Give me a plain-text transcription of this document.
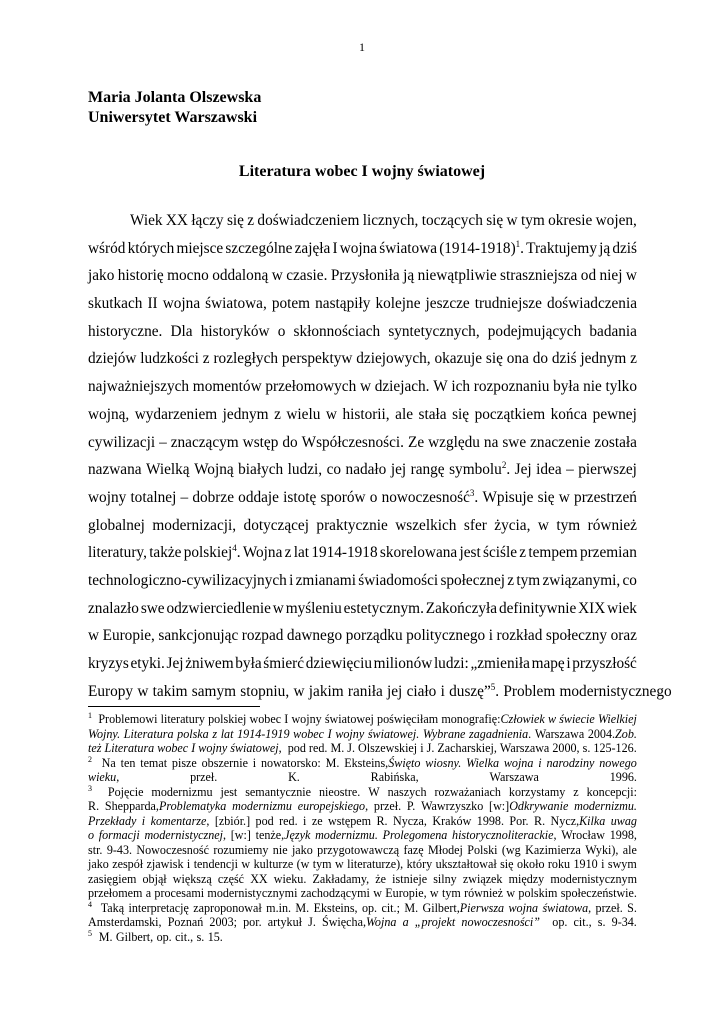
1
Maria Jolanta Olszewska
Uniwersytet Warszawski
Literatura wobec I wojny światowej
Wiek XX łączy się z doświadczeniem licznych, toczących się w tym okresie wojen,
wśród których miejsce szczególne zajęła I wojna światowa (1914-1918)$^1$. Traktujemy ją dziś
jako historię mocno oddaloną w czasie. Przysłoniła ją niewątpliwie straszniejsza od niej w
skutkach II wojna światowa, potem nastąpiły kolejne jeszcze trudniejsze doświadczenia
historyczne. Dla historyków o skłonnościach syntetycznych, podejmujących badania
dziejów ludzkości z rozległych perspektyw dziejowych, okazuje się ona do dziś jednym z
najważniejszych momentów przełomowych w dziejach. W ich rozpoznaniu była nie tylko
wojną, wydarzeniem jednym z wielu w historii, ale stała się początkiem końca pewnej
cywilizacji – znaczącym wstęp do Współczesności. Ze względu na swe znaczenie została
nazwana Wielką Wojną białych ludzi, co nadało jej rangę symbolu$^2$. Jej idea – pierwszej
wojny totalnej – dobrze oddaje istotę sporów o nowoczesność$^3$. Wpisuje się w przestrzeń
globalnej modernizacji, dotyczącej praktycznie wszelkich sfer życia, w tym również
literatury, także polskiej$^4$. Wojna z lat 1914-1918 skorelowana jest ściśle z tempem przemian
technologiczno-cywilizacyjnych i zmianami świadomości społecznej z tym związanymi, co
znalazło swe odzwierciedlenie w myśleniu estetycznym. Zakończyła definitywnie XIX wiek
w Europie, sankcjonując rozpad dawnego porządku politycznego i rozkład społeczny oraz
kryzys etyki. Jej żniwem była śmierć dziewięciu milionów ludzi: „zmieniła mapę i przyszłość
Europy w takim samym stopniu, w jakim raniła jej ciało i duszę”$^5$. Problem modernistycznego
$^1$ Problemowi literatury polskiej wobec I wojny światowej poświęciłam monografię:Człowiek w świecie Wielkiej
Wojny. Literatura polska z lat 1914-1919 wobec I wojny światowej. Wybrane zagadnienia. Warszawa 2004.Zob.
też Literatura wobec I wojny światowej, pod red. M. J. Olszewskiej i J. Zacharskiej, Warszawa 2000, s. 125-126.
$^2$ Na ten temat pisze obszernie i nowatorsko: M. Eksteins,Święto wiosny. Wielka wojna i narodziny nowego
wieku,	przeł.	K.	Rabińska,	Warszawa	1996.
$^3$ Pojęcie modernizmu jest semantycznie nieostre. W naszych rozważaniach korzystamy z koncepcji:
R. Shepparda,Problematyka modernizmu europejskiego, przeł. P. Wawrzyszko [w:]Odkrywanie modernizmu.
Przekłady i komentarze, [zbiór.] pod red. i ze wstępem R. Nycza, Kraków 1998. Por. R. Nycz,Kilka uwag
o formacji modernistycznej, [w:] tenże,Język modernizmu. Prolegomena historycznoliterackie, Wrocław 1998,
str. 9-43. Nowoczesność rozumiemy nie jako przygotowawczą fazę Młodej Polski (wg Kazimierza Wyki), ale
jako zespół zjawisk i tendencji w kulturze (w tym w literaturze), który ukształtował się około roku 1910 i swym
zasięgiem objął większą część XX wieku. Zakładamy, że istnieje silny związek między modernistycznym
przełomem a procesami modernistycznymi zachodzącymi w Europie, w tym również w polskim społeczeństwie.
$^4$ Taką interpretację zaproponował m.in. M. Eksteins, op. cit.; M. Gilbert,Pierwsza wojna światowa, przeł. S.
Amsterdamski, Poznań 2003; por. artykuł J. Święcha,Wojna a „projekt nowoczesności” op. cit., s. 9-34.
$^5$ M. Gilbert, op. cit., s. 15.
